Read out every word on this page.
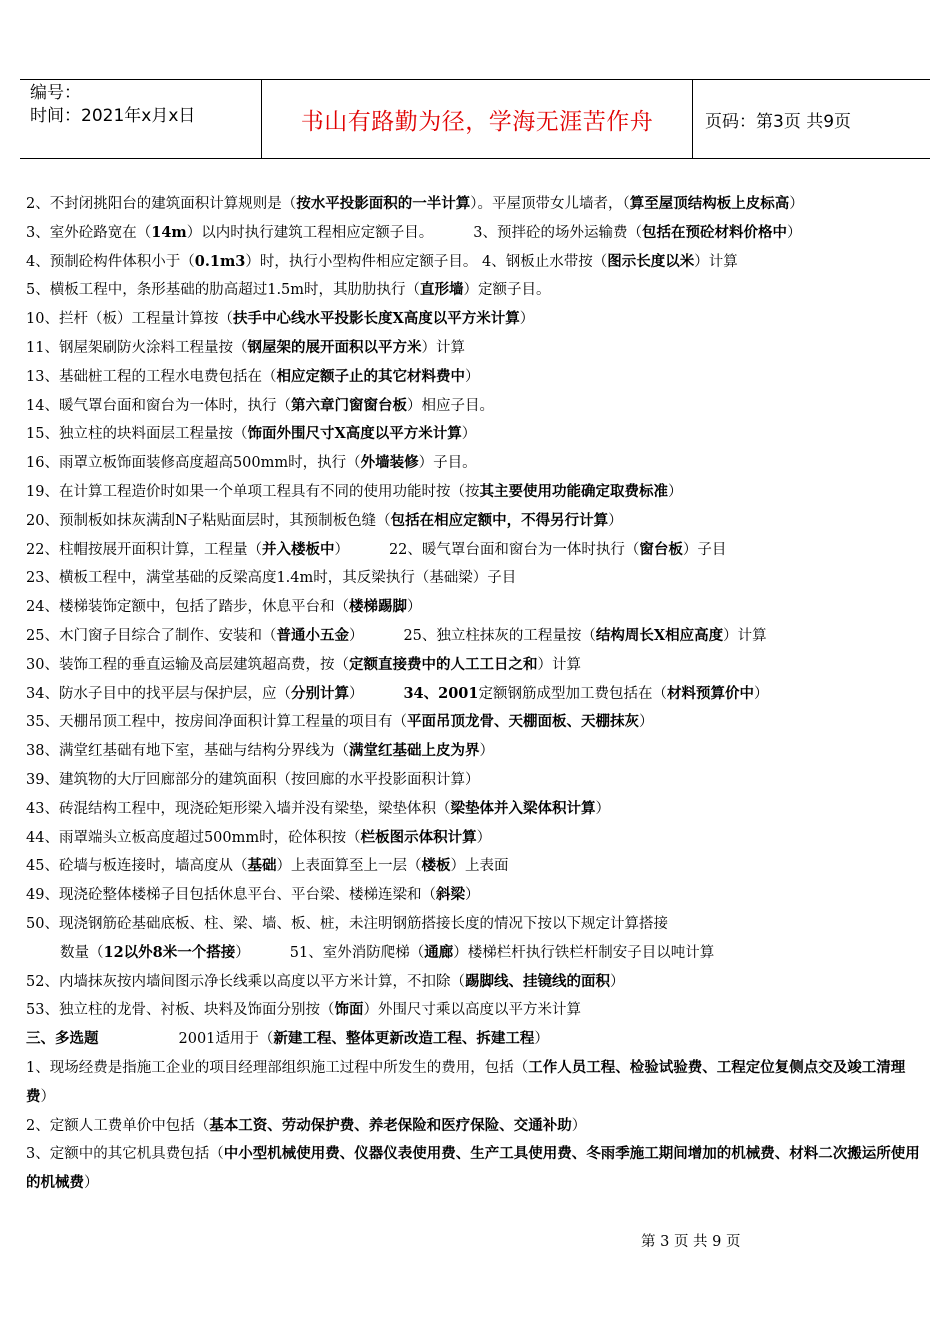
编号：
时间：2021年x月x日	书山有路勤为径，学海无涯苦作舟	页码：第3页 共9页
2、不封闭挑阳台的建筑面积计算规则是（按水平投影面积的一半计算）。平屋顶带女儿墙者，（算至屋顶结构板上皮标高）
3、室外砼路宽在（14m）以内时执行建筑工程相应定额子目。	3、预拌砼的场外运输费（包括在预砼材料价格中）
4、预制砼构件体积小于（0.1m3）时，执行小型构件相应定额子目。 4、钢板止水带按（图示长度以米）计算
5、横板工程中，条形基础的肋高超过1.5m时，其肋肋执行（直形墙）定额子目。
10、拦杆（板）工程量计算按（扶手中心线水平投影长度X高度以平方米计算）
11、钢屋架刷防火涂料工程量按（钢屋架的展开面积以平方米）计算
13、基础桩工程的工程水电费包括在（相应定额子止的其它材料费中）
14、暖气罩台面和窗台为一体时，执行（第六章门窗窗台板）相应子目。
15、独立柱的块料面层工程量按（饰面外围尺寸X高度以平方米计算）
16、雨罩立板饰面装修高度超高500mm时，执行（外墙装修）子目。
19、在计算工程造价时如果一个单项工程具有不同的使用功能时按（按其主要使用功能确定取费标准）
20、预制板如抹灰满刮N子粘贴面层时，其预制板色缝（包括在相应定额中，不得另行计算）
22、柱帽按展开面积计算，工程量（并入楼板中）	22、暖气罩台面和窗台为一体时执行（窗台板）子目
23、横板工程中，满堂基础的反梁高度1.4m时，其反梁执行（基础梁）子目
24、楼梯装饰定额中，包括了踏步，休息平台和（楼梯踢脚）
25、木门窗子目综合了制作、安装和（普通小五金）	25、独立柱抹灰的工程量按（结构周长X相应高度）计算
30、装饰工程的垂直运输及高层建筑超高费，按（定额直接费中的人工工日之和）计算
34、防水子目中的找平层与保护层，应（分别计算）	34、2001定额钢筋成型加工费包括在（材料预算价中）
35、天棚吊顶工程中，按房间净面积计算工程量的项目有（平面吊顶龙骨、天棚面板、天棚抹灰）
38、满堂红基础有地下室，基础与结构分界线为（满堂红基础上皮为界）
39、建筑物的大厅回廊部分的建筑面积（按回廊的水平投影面积计算）
43、砖混结构工程中，现浇砼矩形梁入墙并没有梁垫，梁垫体积（梁垫体并入梁体积计算）
44、雨罩端头立板高度超过500mm时，砼体积按（栏板图示体积计算）
45、砼墙与板连接时，墙高度从（基础）上表面算至上一层（楼板）上表面
49、现浇砼整体楼梯子目包括休息平台、平台梁、楼梯连梁和（斜梁）
50、现浇钢筋砼基础底板、柱、梁、墙、板、桩，未注明钢筋搭接长度的情况下按以下规定计算搭接
数量（12以外8米一个搭接）	51、室外消防爬梯（通廊）楼梯栏杆执行铁栏杆制安子目以吨计算
52、内墙抹灰按内墙间图示净长线乘以高度以平方米计算，不扣除（踢脚线、挂镜线的面积）
53、独立柱的龙骨、衬板、块料及饰面分别按（饰面）外围尺寸乘以高度以平方米计算
三、多选题	2001适用于（新建工程、整体更新改造工程、拆建工程）
1、现场经费是指施工企业的项目经理部组织施工过程中所发生的费用，包括（工作人员工程、检验试验费、工程定位复侧点交及竣工清理费）
2、定额人工费单价中包括（基本工资、劳动保护费、养老保险和医疗保险、交通补助）
3、定额中的其它机具费包括（中小型机械使用费、仪器仪表使用费、生产工具使用费、冬雨季施工期间增加的机械费、材料二次搬运所使用的机械费）
第 3 页 共 9 页
